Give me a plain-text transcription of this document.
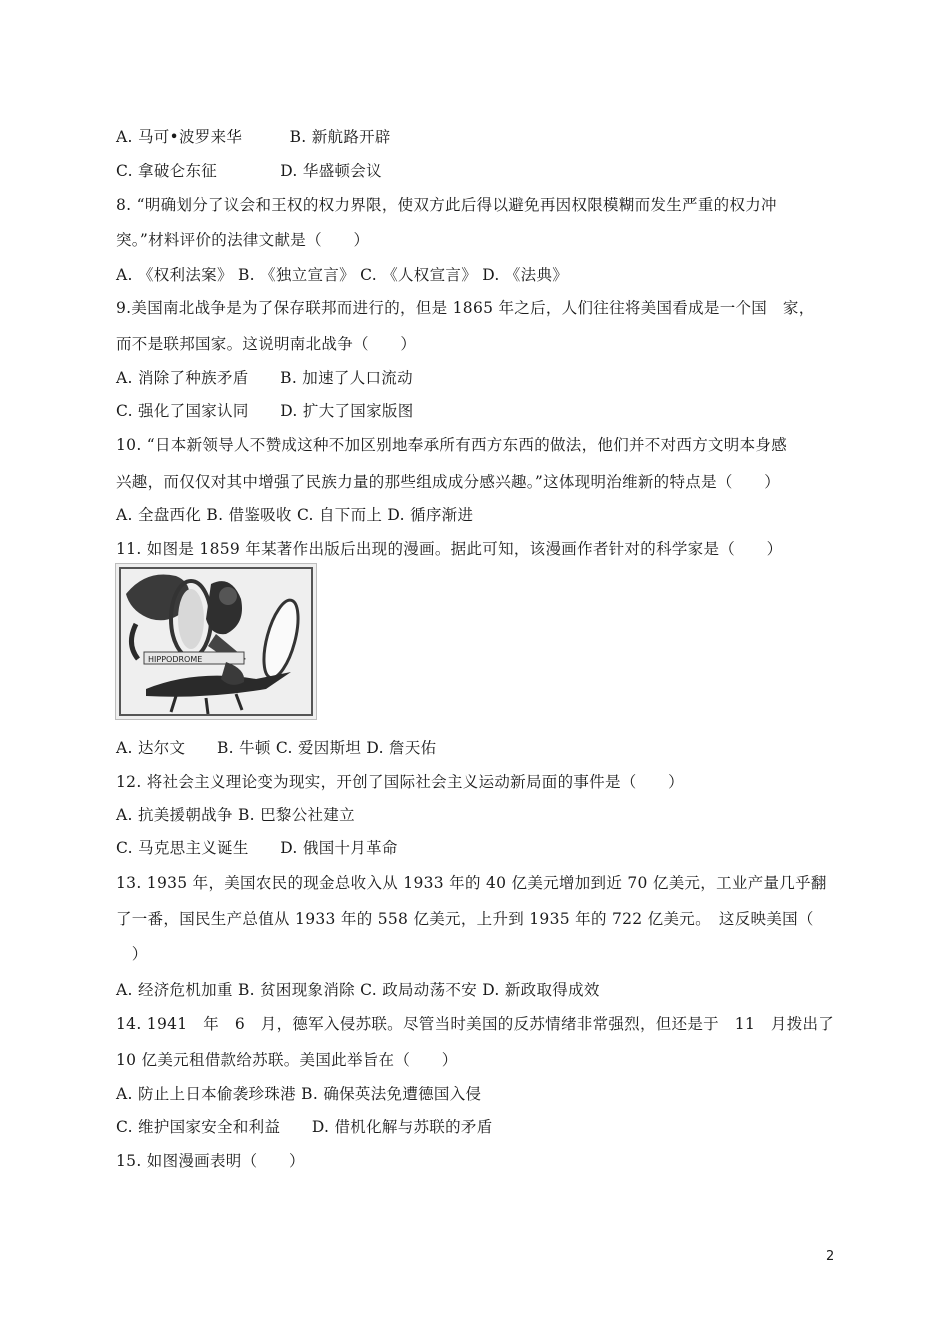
A. 马可•波罗来华　　　B. 新航路开辟
C. 拿破仑东征　　　　D. 华盛顿会议
8. “明确划分了议会和王权的权力界限，使双方此后得以避免再因权限模糊而发生严重的权力冲
突。”材料评价的法律文献是（　　）
A. 《权利法案》 B. 《独立宣言》 C. 《人权宣言》 D. 《法典》
9.美国南北战争是为了保存联邦而进行的，但是 1865 年之后，人们往往将美国看成是一个国　家，
而不是联邦国家。这说明南北战争（　　）
A. 消除了种族矛盾　　B. 加速了人口流动
C. 强化了国家认同　　D. 扩大了国家版图
10. “日本新领导人不赞成这种不加区别地奉承所有西方东西的做法，他们并不对西方文明本身感
兴趣，而仅仅对其中增强了民族力量的那些组成成分感兴趣。”这体现明治维新的特点是（　　）
A. 全盘西化 B. 借鉴吸收 C. 自下而上 D. 循序渐进
11. 如图是 1859 年某著作出版后出现的漫画。据此可知，该漫画作者针对的科学家是（　　）
HIPPODROME
A. 达尔文　　B. 牛顿 C. 爱因斯坦 D. 詹天佑
12. 将社会主义理论变为现实，开创了国际社会主义运动新局面的事件是（　　）
A. 抗美援朝战争 B. 巴黎公社建立
C. 马克思主义诞生　　D. 俄国十月革命
13. 1935 年，美国农民的现金总收入从 1933 年的 40 亿美元增加到近 70 亿美元，工业产量几乎翻
了一番，国民生产总值从 1933 年的 558 亿美元，上升到 1935 年的 722 亿美元。　这反映美国（
　）
A. 经济危机加重 B. 贫困现象消除 C. 政局动荡不安 D. 新政取得成效
14. 1941　年　6　月，德军入侵苏联。尽管当时美国的反苏情绪非常强烈，但还是于　11　月拨出了
10 亿美元租借款给苏联。美国此举旨在（　　）
A. 防止上日本偷袭珍珠港 B. 确保英法免遭德国入侵
C. 维护国家安全和利益　　D. 借机化解与苏联的矛盾
15. 如图漫画表明（　　）
2
